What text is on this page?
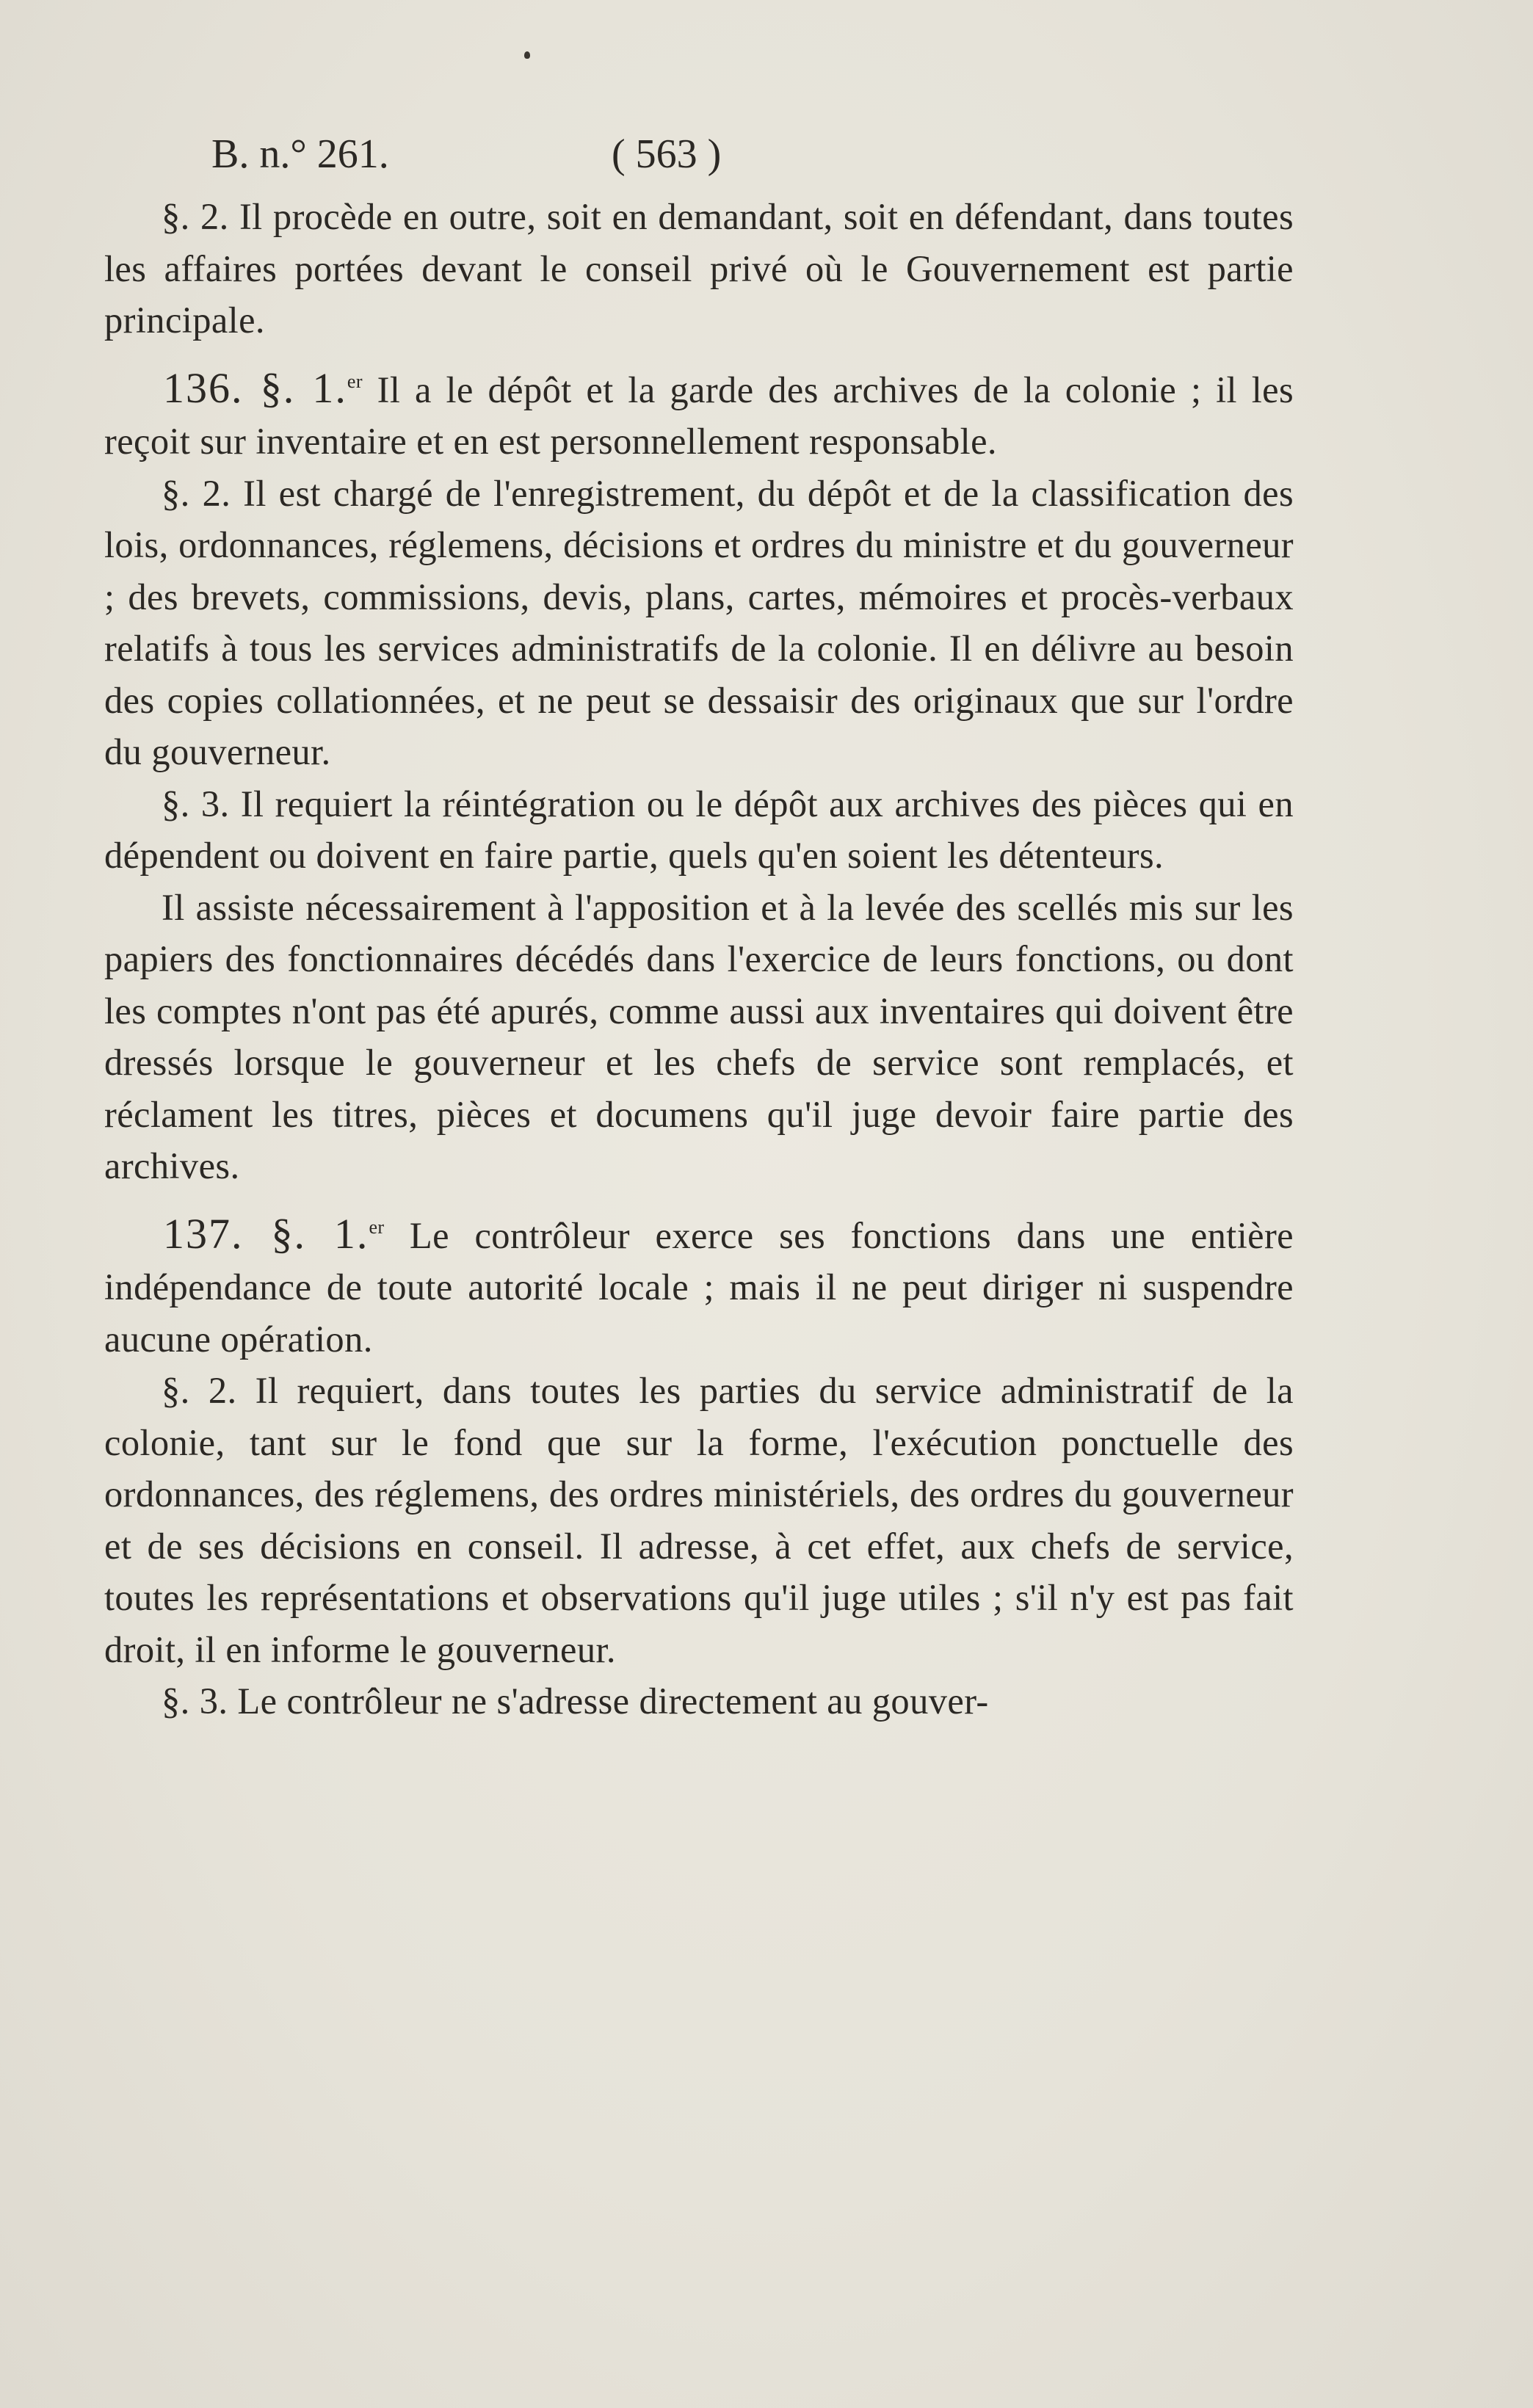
B. n.° 261.	( 563 )

§. 2. Il procède en outre, soit en demandant, soit en défendant, dans toutes les affaires portées devant le conseil privé où le Gouvernement est partie principale.

136. §. 1.$^{er}$ Il a le dépôt et la garde des archives de la colonie ; il les reçoit sur inventaire et en est personnellement responsable.

§. 2. Il est chargé de l'enregistrement, du dépôt et de la classification des lois, ordonnances, réglemens, décisions et ordres du ministre et du gouverneur ; des brevets, commissions, devis, plans, cartes, mémoires et procès-verbaux relatifs à tous les services administratifs de la colonie. Il en délivre au besoin des copies collationnées, et ne peut se dessaisir des originaux que sur l'ordre du gouverneur.

§. 3. Il requiert la réintégration ou le dépôt aux archives des pièces qui en dépendent ou doivent en faire partie, quels qu'en soient les détenteurs.

Il assiste nécessairement à l'apposition et à la levée des scellés mis sur les papiers des fonctionnaires décédés dans l'exercice de leurs fonctions, ou dont les comptes n'ont pas été apurés, comme aussi aux inventaires qui doivent être dressés lorsque le gouverneur et les chefs de service sont remplacés, et réclament les titres, pièces et documens qu'il juge devoir faire partie des archives.

137. §. 1.$^{er}$ Le contrôleur exerce ses fonctions dans une entière indépendance de toute autorité locale ; mais il ne peut diriger ni suspendre aucune opération.

§. 2. Il requiert, dans toutes les parties du service administratif de la colonie, tant sur le fond que sur la forme, l'exécution ponctuelle des ordonnances, des réglemens, des ordres ministériels, des ordres du gouverneur et de ses décisions en conseil. Il adresse, à cet effet, aux chefs de service, toutes les représentations et observations qu'il juge utiles ; s'il n'y est pas fait droit, il en informe le gouverneur.

§. 3. Le contrôleur ne s'adresse directement au gouver-
